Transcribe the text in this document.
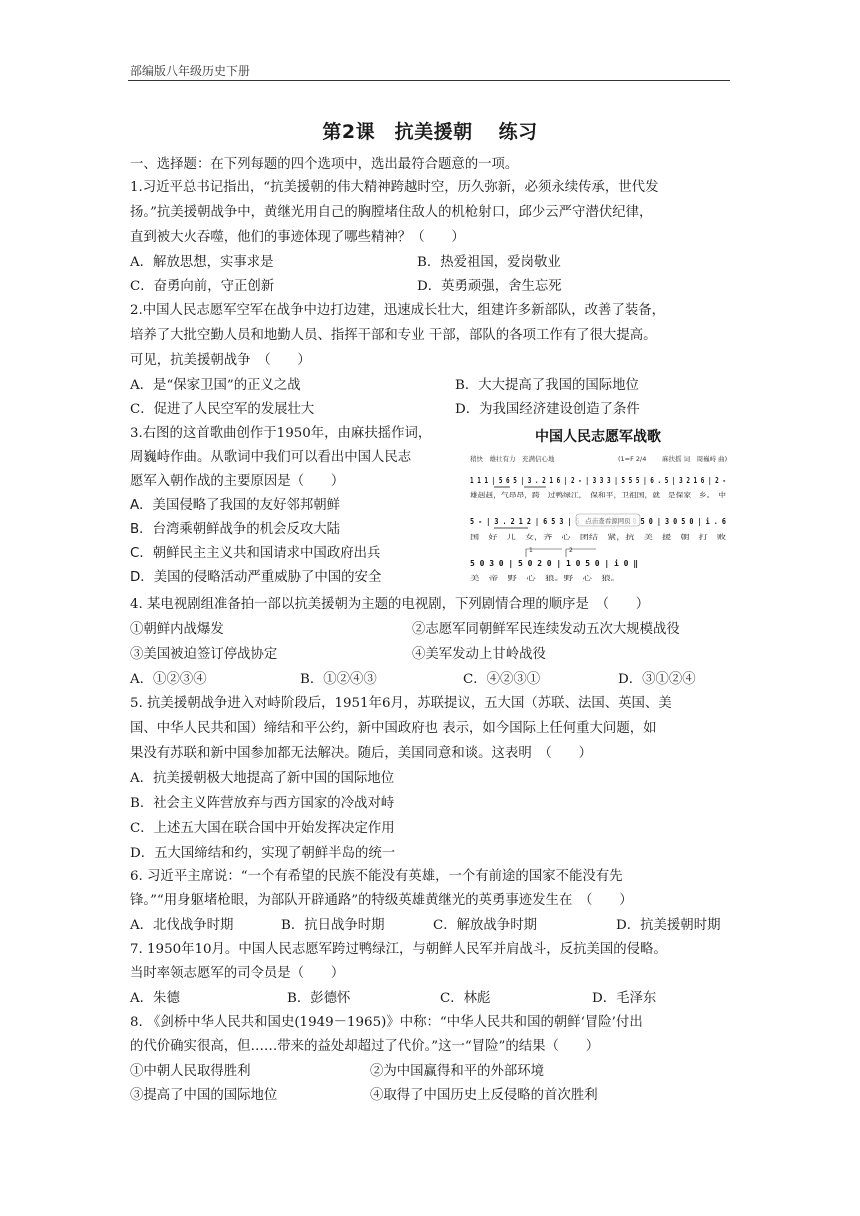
部编版八年级历史下册
第2课　抗美援朝 练习
一、选择题：在下列每题的四个选项中，选出最符合题意的一项。
1.习近平总书记指出，“抗美援朝的伟大精神跨越时空，历久弥新，必须永续传承，世代发
扬。”抗美援朝战争中，黄继光用自己的胸膛堵住敌人的机枪射口，邱少云严守潜伏纪律，
直到被大火吞噬，他们的事迹体现了哪些精神？（　　）
A．解放思想，实事求是	B．热爱祖国，爱岗敬业
C．奋勇向前，守正创新	D．英勇顽强，舍生忘死
2.中国人民志愿军空军在战争中边打边建，迅速成长壮大，组建许多新部队，改善了装备，
培养了大批空勤人员和地勤人员、指挥干部和专业 干部，部队的各项工作有了很大提高。
可见，抗美援朝战争　（　　）
A．是“保家卫国”的正义之战	B．大大提高了我国的国际地位
C．促进了人民空军的发展壮大	D．为我国经济建设创造了条件
3.右图的这首歌曲创作于1950年，由麻扶摇作词，
周巍峙作曲。从歌词中我们可以看出中国人民志
愿军入朝作战的主要原因是（　　）
A．美国侵略了我国的友好邻邦朝鲜
B．台湾乘朝鲜战争的机会反攻大陆
C．朝鲜民主主义共和国请求中国政府出兵
D．美国的侵略活动严重威胁了中国的安全
中国人民志愿军战歌
稍快　雄壮有力　充满信心地	(1=F 2/4 麻扶摇 词　周巍峙 曲)
1 1 1 | 5 6 5 | 3 . 2 1 6 | 2 - | 3 3 3 | 5 5 5 | 6 . 5 | 3 2 1 6 | 2 -
雄赳赳，气昂昂，跨　过鸭绿江，　保和平，卫祖国，就　是保家　乡。　中
点击查看源网页
国　好　儿　女，齐　心　团结　紧，抗　美　援　朝　打　败
1	2
5 0 3 0 | 5 0 2 0 | 1 0 5 0 | i 0 ‖
美　帝　野　心　狼。野　心　狼。
4. 某电视剧组准备拍一部以抗美援朝为主题的电视剧，下列剧情合理的顺序是　（　　）
①朝鲜内战爆发	②志愿军同朝鲜军民连续发动五次大规模战役
③美国被迫签订停战协定	④美军发动上甘岭战役
A．①②③④	B．①②④③	C．④②③①	D．③①②④
5. 抗美援朝战争进入对峙阶段后，1951年6月，苏联提议，五大国（苏联、法国、英国、美
国、中华人民共和国）缔结和平公约，新中国政府也 表示，如今国际上任何重大问题，如
果没有苏联和新中国参加都无法解决。随后，美国同意和谈。这表明　（　　）
A．抗美援朝极大地提高了新中国的国际地位
B．社会主义阵营放弃与西方国家的冷战对峙
C．上述五大国在联合国中开始发挥决定作用
D．五大国缔结和约，实现了朝鲜半岛的统一
6. 习近平主席说：“一个有希望的民族不能没有英雄，一个有前途的国家不能没有先
锋。”“用身躯堵枪眼，为部队开辟通路”的特级英雄黄继光的英勇事迹发生在　（　　）
A．北伐战争时期	B．抗日战争时期	C．解放战争时期	D．抗美援朝时期
7. 1950年10月。中国人民志愿军跨过鸭绿江，与朝鲜人民军并肩战斗，反抗美国的侵略。
当时率领志愿军的司令员是（　　）
A．朱德	B．彭德怀	C．林彪	D．毛泽东
8. 《剑桥中华人民共和国史(1949－1965)》中称：“中华人民共和国的朝鲜‘冒险’付出
的代价确实很高，但……带来的益处却超过了代价。”这一“冒险”的结果（　　）
①中朝人民取得胜利	②为中国赢得和平的外部环境
③提高了中国的国际地位	④取得了中国历史上反侵略的首次胜利
